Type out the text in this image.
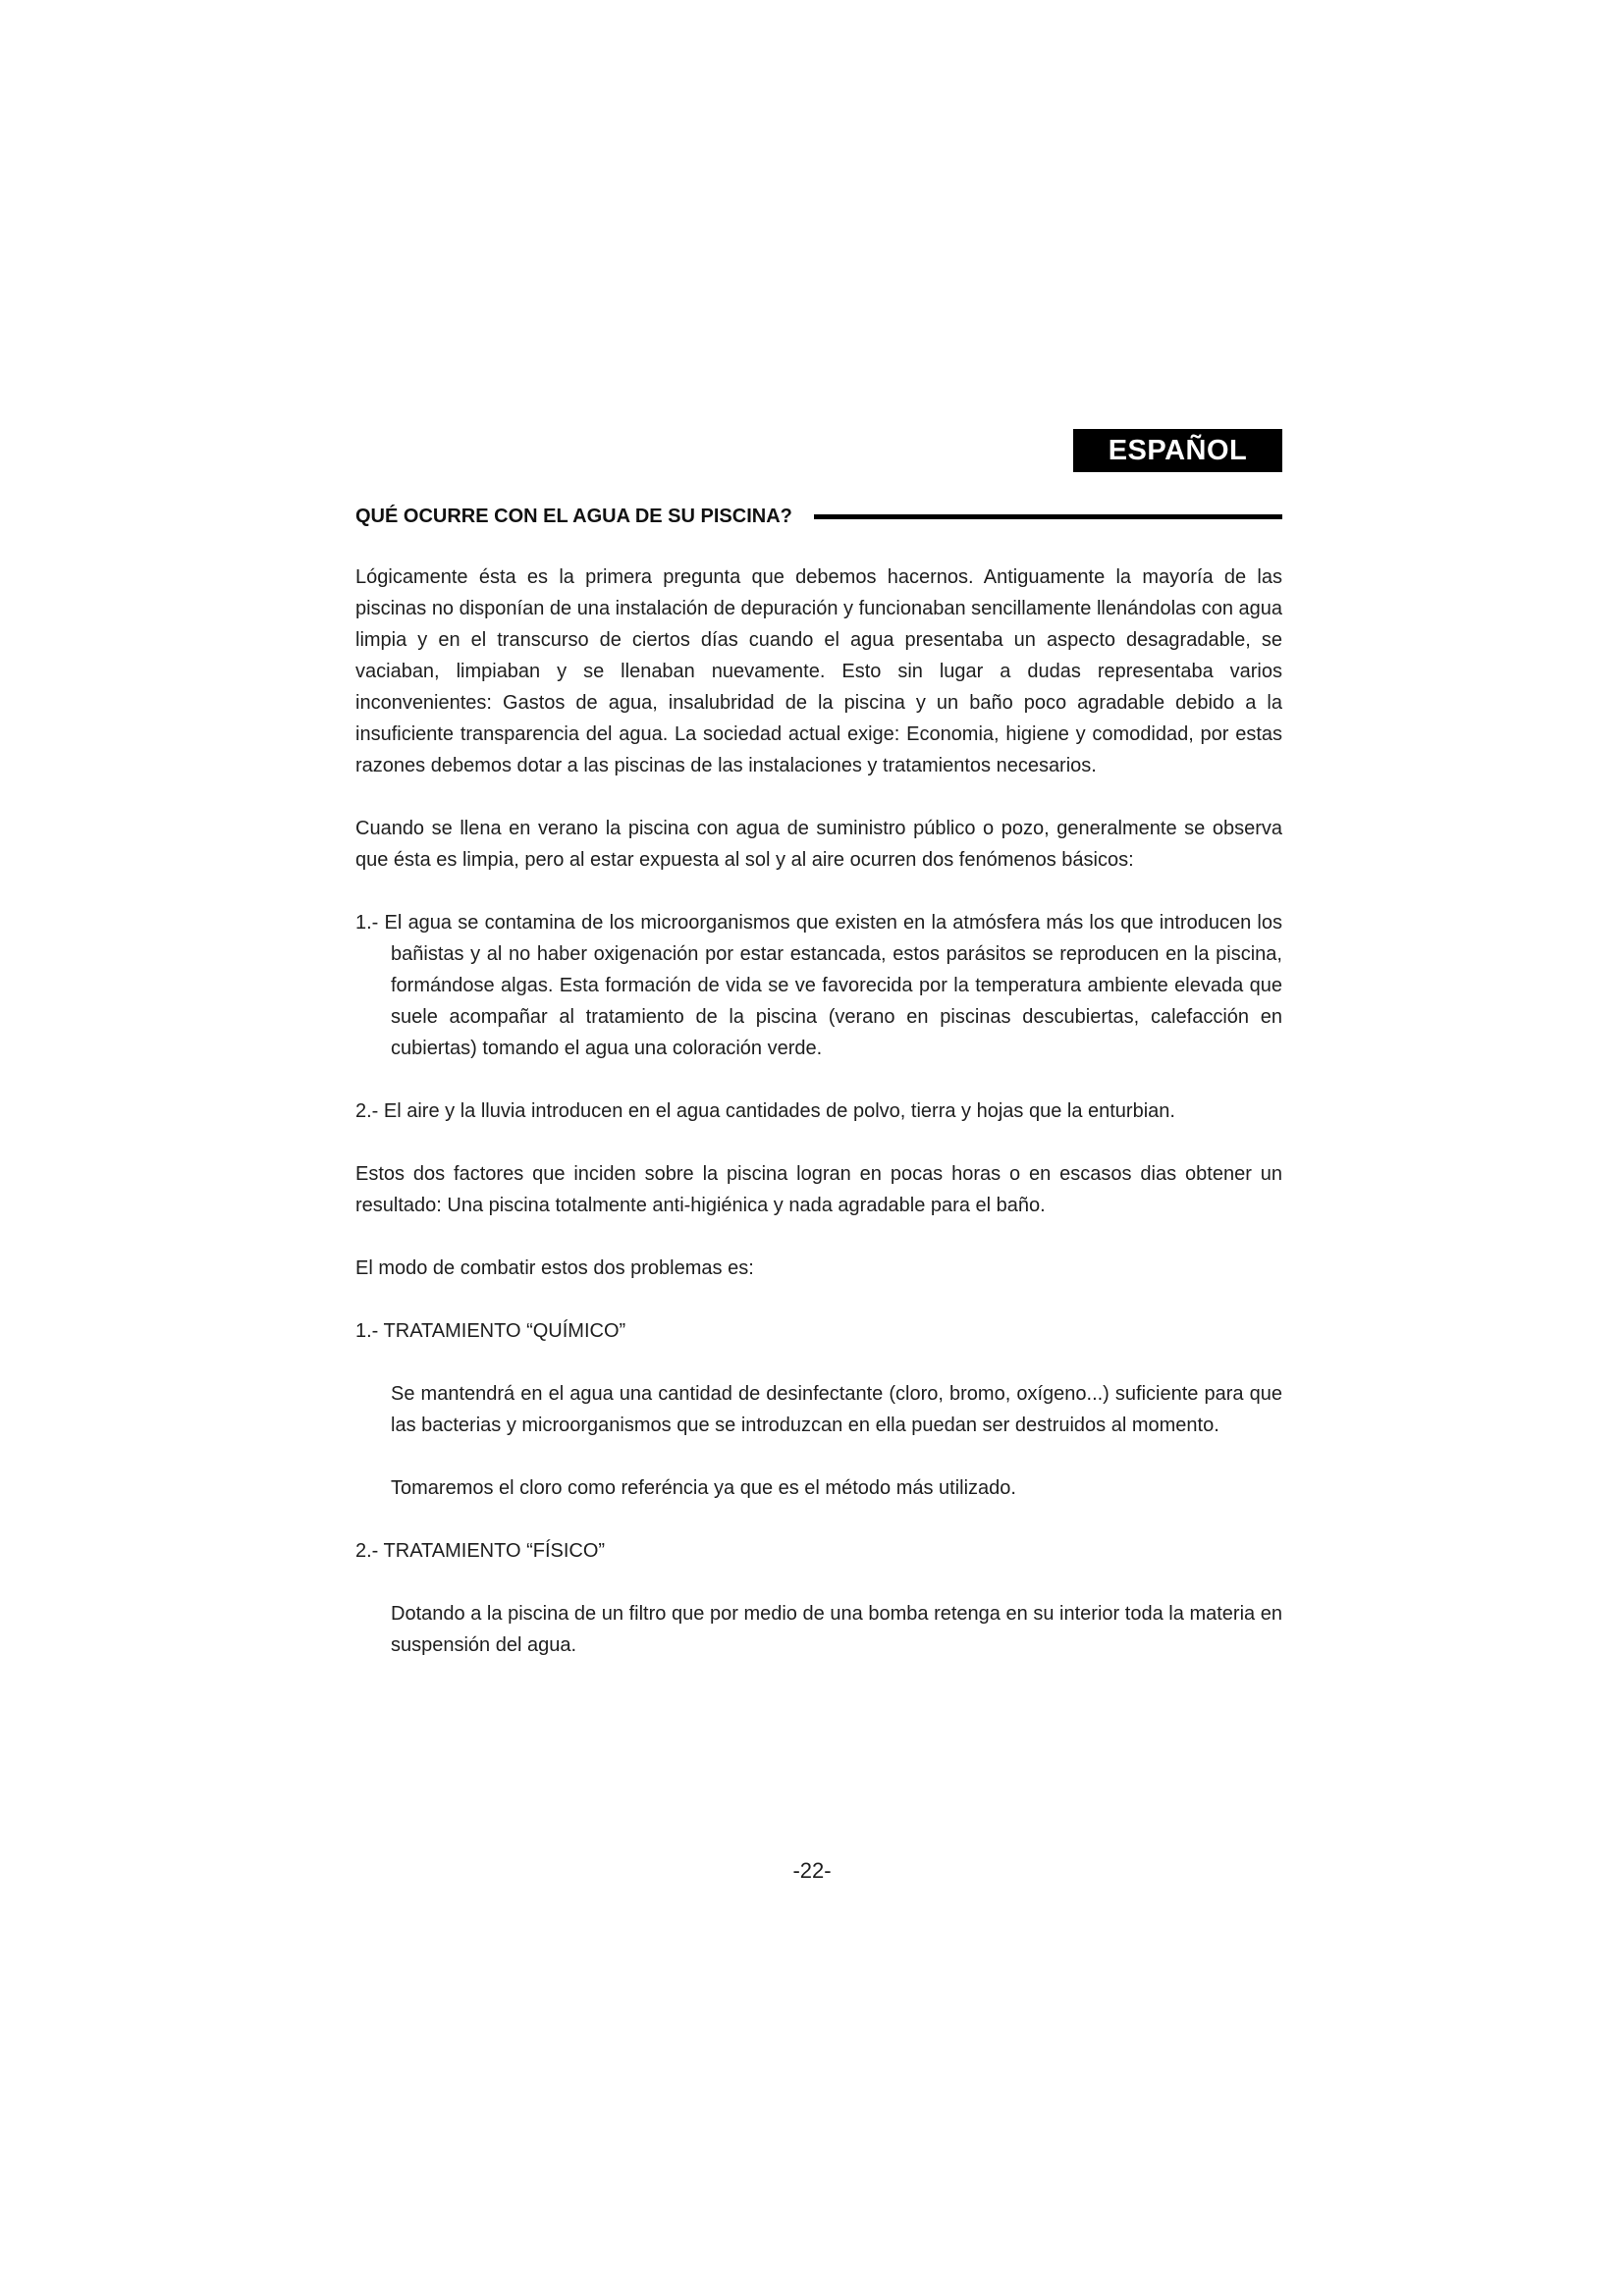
ESPAÑOL
QUÉ OCURRE CON EL AGUA DE SU PISCINA?

Lógicamente ésta es la primera pregunta que debemos hacernos. Antiguamente la mayoría de las piscinas no disponían de una instalación de depuración y funcionaban sencillamente llenándolas con agua limpia y en el transcurso de ciertos días cuando el agua presentaba un aspecto desagradable, se vaciaban, limpiaban y se llenaban nuevamente. Esto sin lugar a dudas representaba varios inconvenientes: Gastos de agua, insalubridad de la piscina y un baño poco agradable debido a la insuficiente transparencia del agua. La sociedad actual exige: Economia, higiene y comodidad, por estas razones debemos dotar a las piscinas de las instalaciones y tratamientos necesarios.

Cuando se llena en verano la piscina con agua de suministro público o pozo, generalmente se observa que ésta es limpia, pero al estar expuesta al sol y al aire ocurren dos fenómenos básicos:

1.- El agua se contamina de los microorganismos que existen en la atmósfera más los que introducen los bañistas y al no haber oxigenación por estar estancada, estos parásitos se reproducen en la piscina, formándose algas. Esta formación de vida se ve favorecida por la temperatura ambiente elevada que suele acompañar al tratamiento de la piscina (verano en piscinas descubiertas, calefacción en cubiertas) tomando el agua una coloración verde.

2.- El aire y la lluvia introducen en el agua cantidades de polvo, tierra y hojas que la enturbian.

Estos dos factores que inciden sobre la piscina logran en pocas horas o en escasos dias obtener un resultado: Una piscina totalmente anti-higiénica y nada agradable para el baño.

El modo de combatir estos dos problemas es:

1.- TRATAMIENTO “QUÍMICO”

Se mantendrá en el agua una cantidad de desinfectante (cloro, bromo, oxígeno...) suficiente para que las bacterias y microorganismos que se introduzcan en ella puedan ser destruidos al momento.

Tomaremos el cloro como referéncia ya que es el método más utilizado.

2.- TRATAMIENTO “FÍSICO”

Dotando a la piscina de un filtro que por medio de una bomba retenga en su interior toda la materia en suspensión del agua.

-22-
